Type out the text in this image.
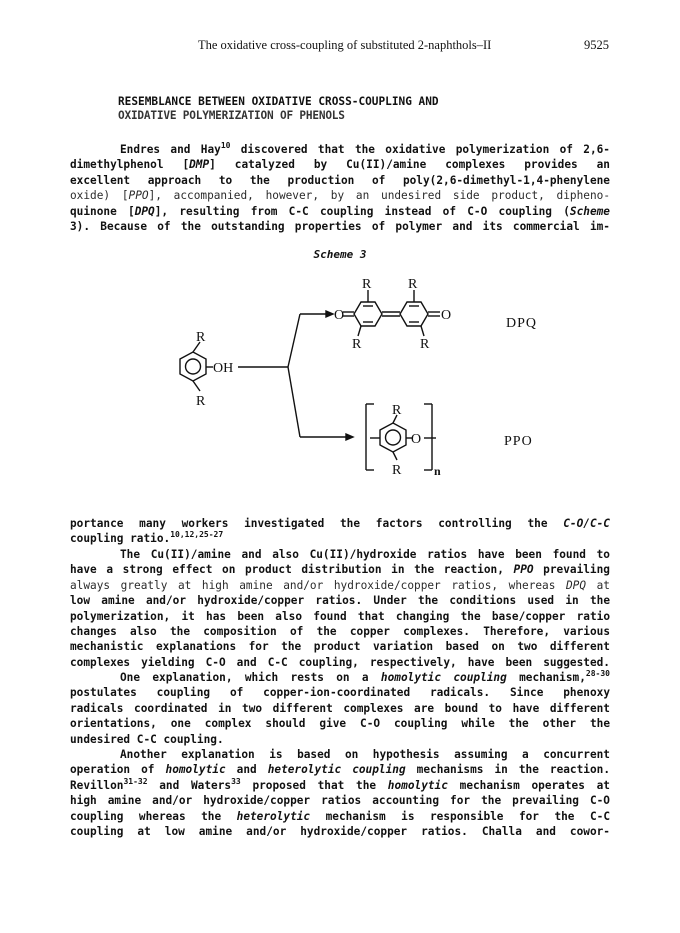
The oxidative cross-coupling of substituted 2-naphthols–II	9525
RESEMBLANCE BETWEEN OXIDATIVE CROSS-COUPLING AND
OXIDATIVE POLYMERIZATION OF PHENOLS
Endres and Hay$^{10}$ discovered that the oxidative polymerization of 2,6-
dimethylphenol [DMP] catalyzed by Cu(II)/amine complexes provides an
excellent approach to the production of poly(2,6-dimethyl-1,4-phenylene
oxide) [PPO], accompanied, however, by an undesired side product, dipheno-
quinone [DPQ], resulting from C-C coupling instead of C-O coupling (Scheme
3). Because of the outstanding properties of polymer and its commercial im-
Scheme 3
R
R
OH
O	O
R	R
R	R
R
R
O
n
DPQ
PPO
portance many workers investigated the factors controlling the C-O/C-C
coupling ratio.$^{10,12,25-27}$
The Cu(II)/amine and also Cu(II)/hydroxide ratios have been found to
have a strong effect on product distribution in the reaction, PPO prevailing
always greatly at high amine and/or hydroxide/copper ratios, whereas DPQ at
low amine and/or hydroxide/copper ratios. Under the conditions used in the
polymerization, it has been also found that changing the base/copper ratio
changes also the composition of the copper complexes. Therefore, various
mechanistic explanations for the product variation based on two different
complexes yielding C-O and C-C coupling, respectively, have been suggested.
One explanation, which rests on a homolytic coupling mechanism,$^{28-30}$
postulates coupling of copper-ion-coordinated radicals. Since phenoxy
radicals coordinated in two different complexes are bound to have different
orientations, one complex should give C-O coupling while the other the
undesired C-C coupling.
Another explanation is based on hypothesis assuming a concurrent
operation of homolytic and heterolytic coupling mechanisms in the reaction.
Revillon$^{31-32}$ and Waters$^{33}$ proposed that the homolytic mechanism operates at
high amine and/or hydroxide/copper ratios accounting for the prevailing C-O
coupling whereas the heterolytic mechanism is responsible for the C-C
coupling at low amine and/or hydroxide/copper ratios. Challa and cowor-
